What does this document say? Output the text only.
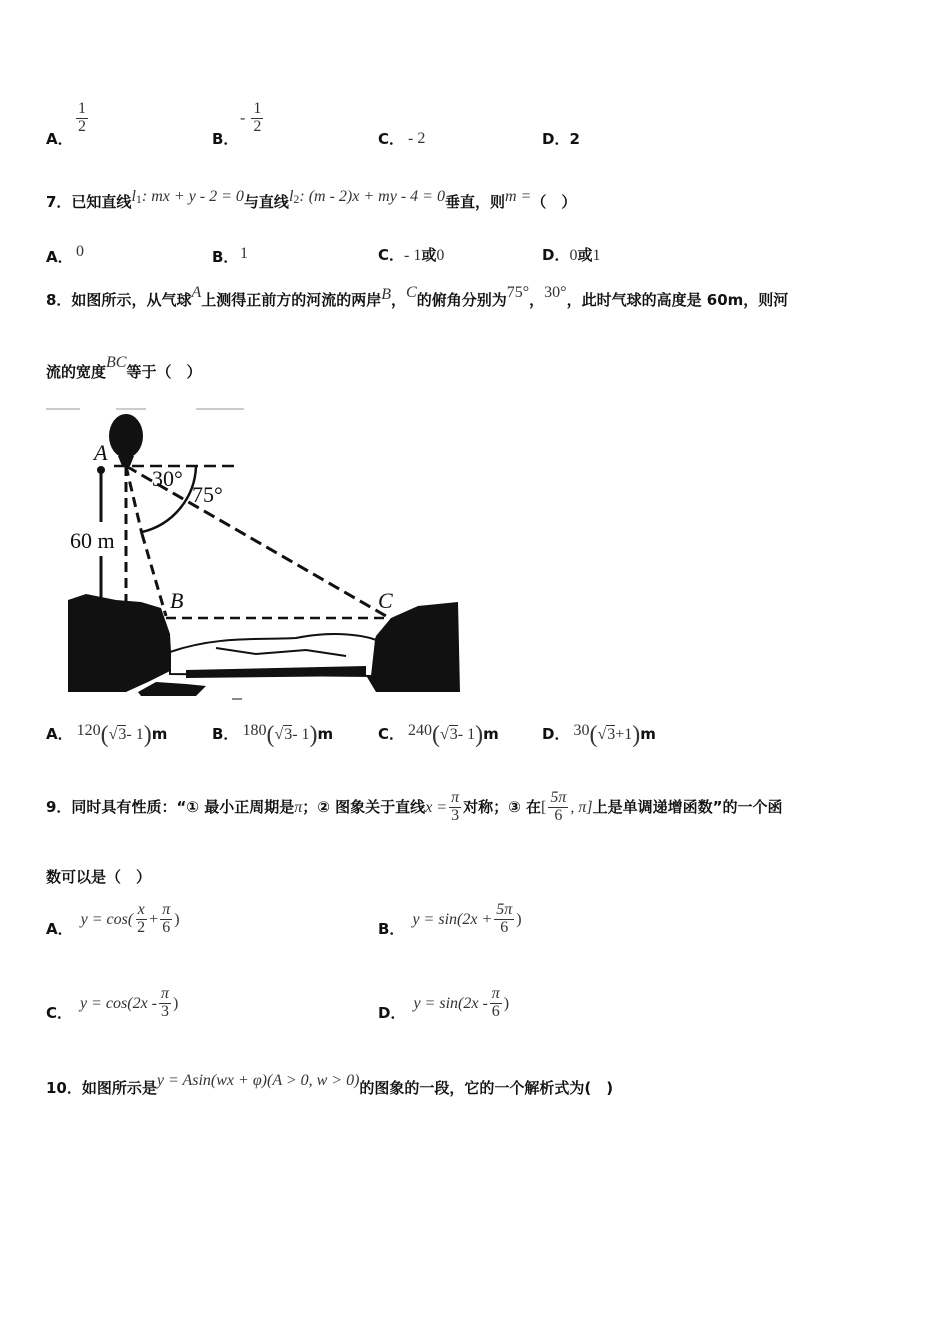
A．
$\frac{1}{2}$
B．
- $\frac{1}{2}$
C． - 2	D．2
7．已知直线$l_1$: mx + y - 2 = 0与直线$l_2$: (m - 2)x + my - 4 = 0垂直，则m =（　）
A． 0	B． 1	C．- 1或0	D．0或1
8．如图所示，从气球A上测得正前方的河流的两岸B，C的俯角分别为75°，30°，此时气球的高度是 60m，则河
流的宽度BC等于（　）
A
30°
75°
60 m
B	C
A． 120(√3- 1)m	B． 180(√3- 1)m	C． 240(√3- 1)m	D． 30(√3+1)m
9．同时具有性质：“① 最小正周期是π；② 图象关于直线$x = \frac{\pi}{3}$ 对称；③ 在[ $\frac{5\pi}{6}$ , π]上是单调递增函数”的一个函
数可以是（　）
A．$y = \cos( \frac{x}{2} + \frac{\pi}{6}$ )
B．$y = \sin(2x + \frac{5\pi}{6}$ )
C．$y = \cos(2x - \frac{\pi}{3}$ )
D．$y = \sin(2x - \frac{\pi}{6}$ )
10．如图所示是y = Asin(wx + φ)(A > 0, w > 0)的图象的一段，它的一个解析式为(　)
